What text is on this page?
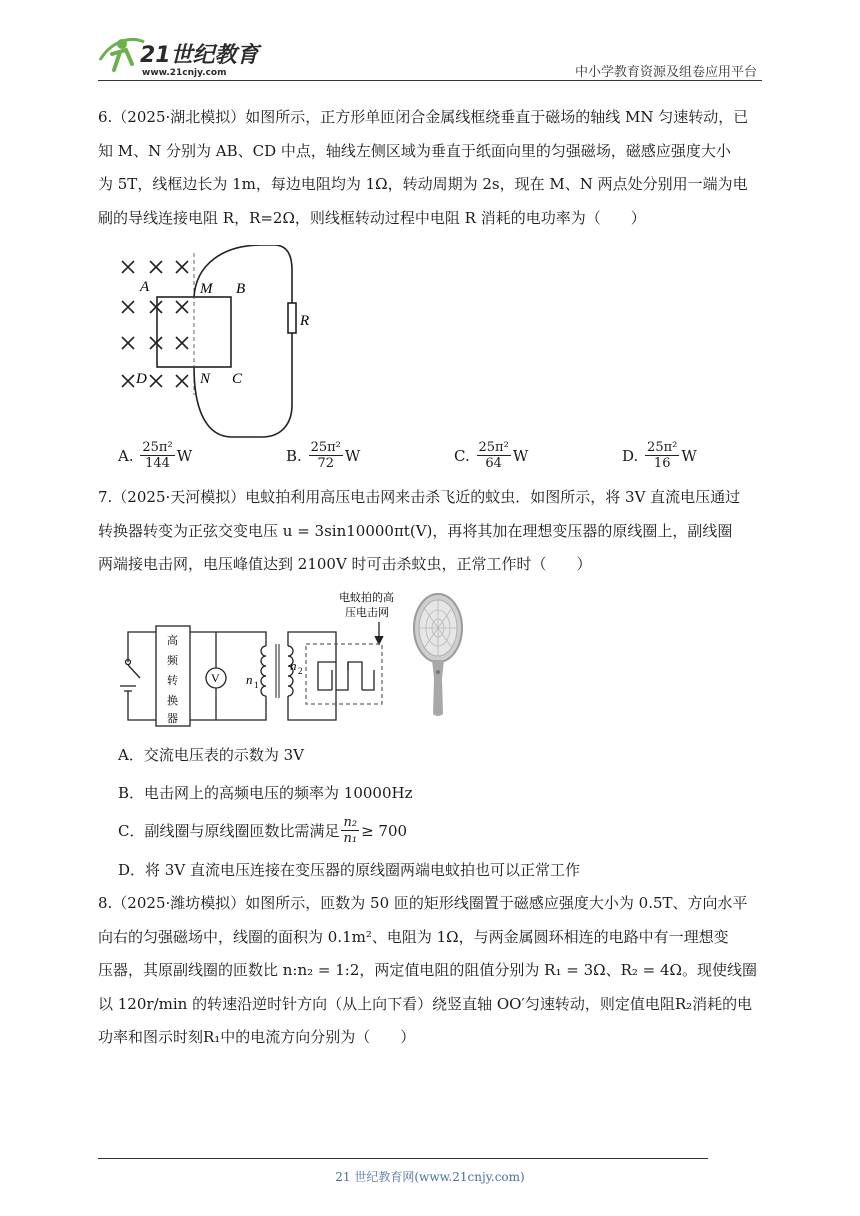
21世纪教育
www.21cnjy.com	中小学教育资源及组卷应用平台

6.（2025·湖北模拟）如图所示，正方形单匝闭合金属线框绕垂直于磁场的轴线 MN 匀速转动，已

知 M、N 分别为 AB、CD 中点，轴线左侧区域为垂直于纸面向里的匀强磁场，磁感应强度大小

为 5T，线框边长为 1m，每边电阻均为 1Ω，转动周期为 2s，现在 M、N 两点处分别用一端为电

刷的导线连接电阻 R，R=2Ω，则线框转动过程中电阻 R 消耗的电功率为（　　）

A	M B
R
D	N C
A.
$\frac{\text{25π²}}{144}$ W	B.
$\frac{\text{25π²}}{72}$ W	C.
$\frac{\text{25π²}}{64}$ W	D.
$\frac{\text{25π²}}{16}$ W

7.（2025·天河模拟）电蚊拍利用高压电击网来击杀飞近的蚊虫．如图所示，将 3V 直流电压通过

转换器转变为正弦交变电压 u = 3sin10000πt(V)，再将其加在理想变压器的原线圈上，副线圈

两端接电击网，电压峰值达到 2100V 时可击杀蚊虫，正常工作时（　　）

电蚊拍的高
压电击网
高
频
转
换
器
V n 1
n 2
A．交流电压表的示数为 3V
B．电击网上的高频电压的频率为 10000Hz
C．副线圈与原线圈匝数比需满足 $\frac{\text{n₂}}{\text{n₁}} \ge 700$
D．将 3V 直流电压连接在变压器的原线圈两端电蚊拍也可以正常工作

8.（2025·潍坊模拟）如图所示，匝数为 50 匝的矩形线圈置于磁感应强度大小为 0.5T、方向水平

向右的匀强磁场中，线圈的面积为 0.1m²、电阻为 1Ω，与两金属圆环相连的电路中有一理想变

压器，其原副线圈的匝数比 n:n₂ = 1:2，两定值电阻的阻值分别为 R₁ = 3Ω、R₂ = 4Ω。现使线圈

以 120r/min 的转速沿逆时针方向（从上向下看）绕竖直轴 OO′匀速转动，则定值电阻R₂消耗的电

功率和图示时刻R₁中的电流方向分别为（　　）

21 世纪教育网(www.21cnjy.com)
